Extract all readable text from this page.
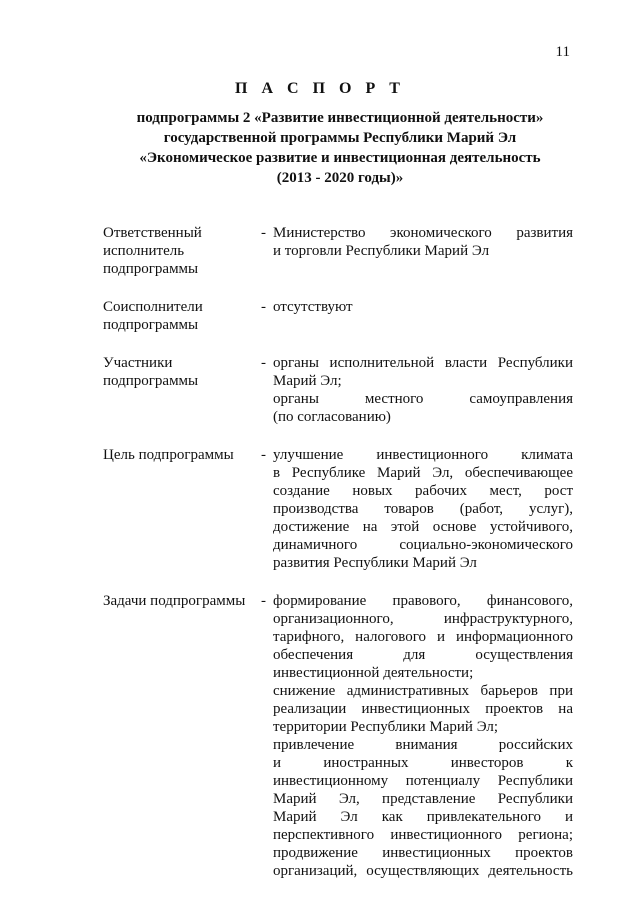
11
П А С П О Р Т
подпрограммы 2 «Развитие инвестиционной деятельности»
государственной программы Республики Марий Эл
«Экономическое развитие и инвестиционная деятельность
(2013 - 2020 годы)»
Ответственный
исполнитель
подпрограммы
- Министерство экономического развития
и торговли Республики Марий Эл
Соисполнители
подпрограммы
- отсутствуют
Участники
подпрограммы
- органы исполнительной власти Республики
Марий Эл;
органы местного самоуправления
(по согласованию)
Цель подпрограммы	- улучшение инвестиционного климата
в Республике Марий Эл, обеспечивающее
создание новых рабочих мест, рост
производства товаров (работ, услуг),
достижение на этой основе устойчивого,
динамичного социально-экономического
развития Республики Марий Эл
Задачи подпрограммы	- формирование правового, финансового,
организационного, инфраструктурного,
тарифного, налогового и информационного
обеспечения для осуществления
инвестиционной деятельности;
снижение административных барьеров при
реализации инвестиционных проектов на
территории Республики Марий Эл;
привлечение внимания российских
и иностранных инвесторов к
инвестиционному потенциалу Республики
Марий Эл, представление Республики
Марий Эл как привлекательного и
перспективного инвестиционного региона;
продвижение инвестиционных проектов
организаций, осуществляющих деятельность
